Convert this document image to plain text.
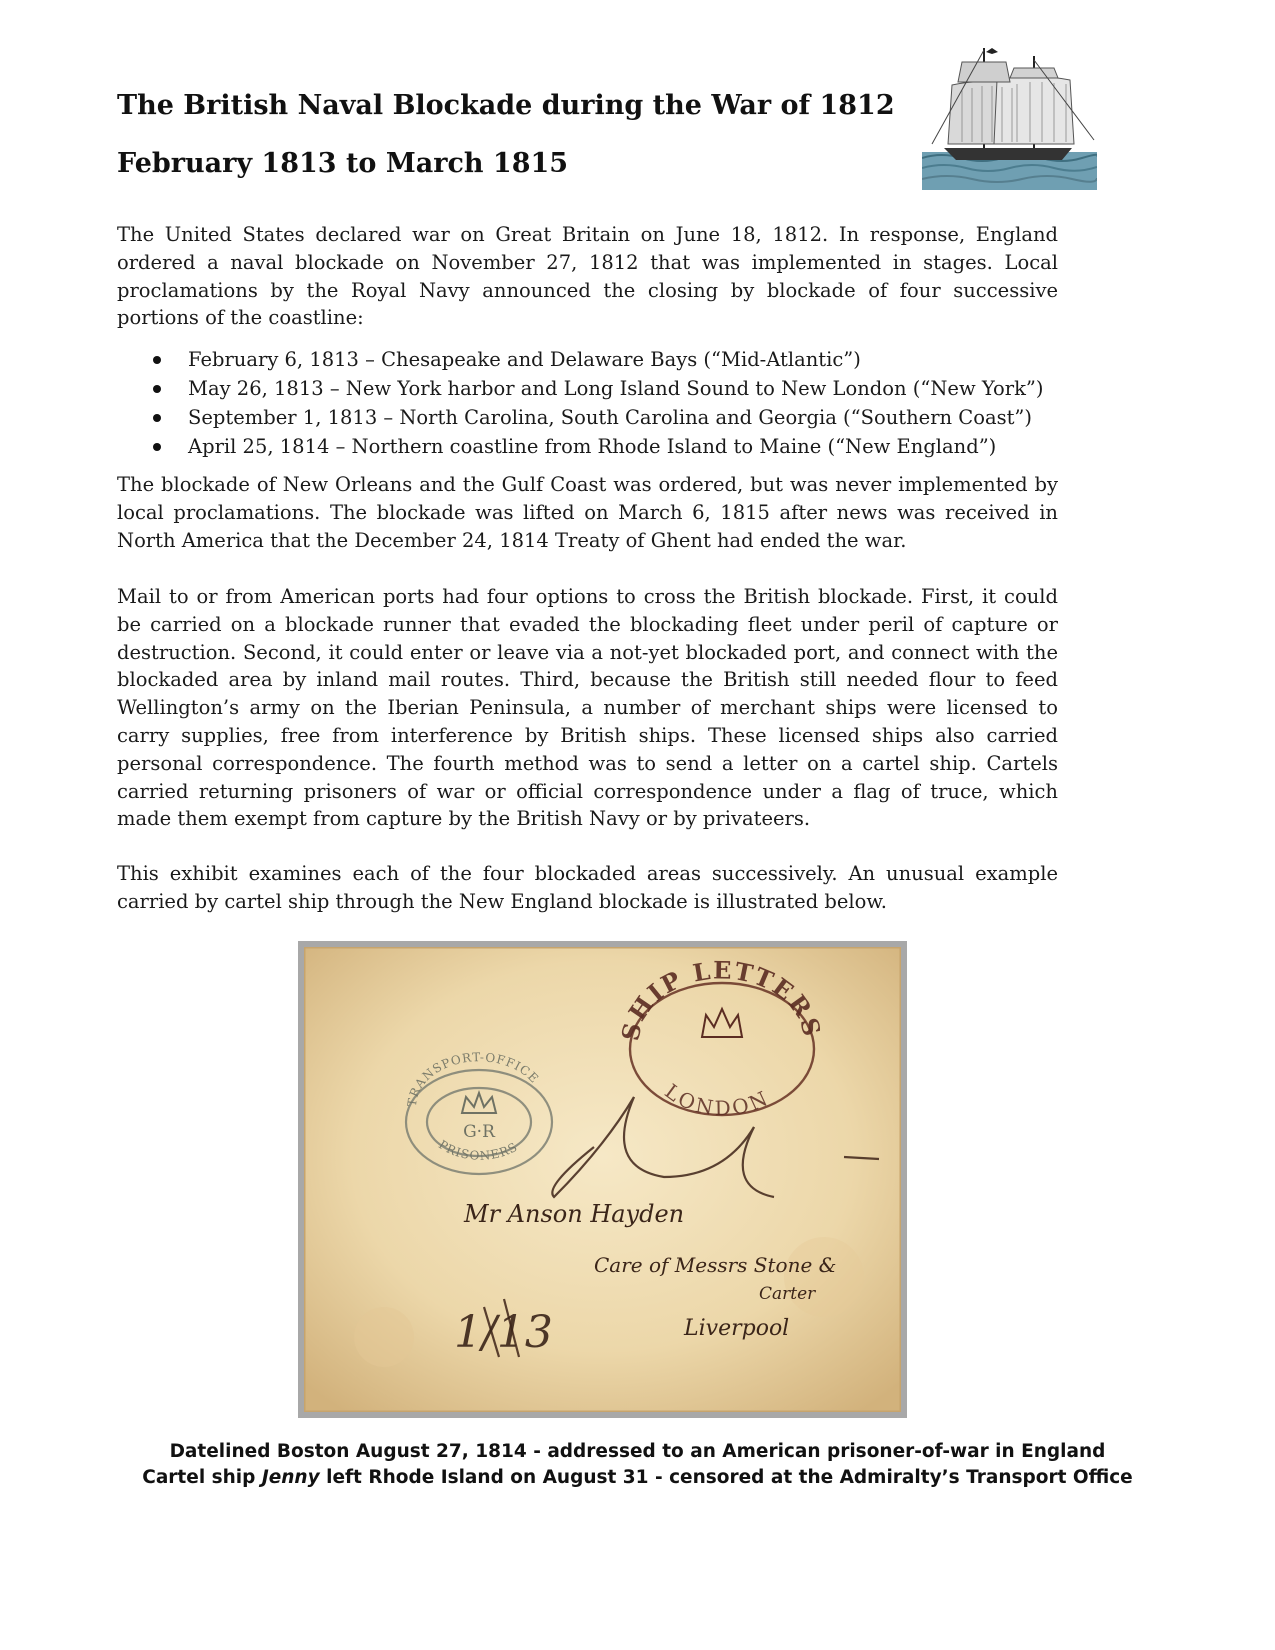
The British Naval Blockade during the War of 1812
February 1813 to March 1815

The United States declared war on Great Britain on June 18, 1812. In response, England ordered a naval blockade on November 27, 1812 that was implemented in stages. Local proclamations by the Royal Navy announced the closing by blockade of four successive portions of the coastline:

February 6, 1813 – Chesapeake and Delaware Bays (“Mid-Atlantic”)
May 26, 1813 – New York harbor and Long Island Sound to New London (“New York”)
September 1, 1813 – North Carolina, South Carolina and Georgia (“Southern Coast”)
April 25, 1814 – Northern coastline from Rhode Island to Maine (“New England”)

The blockade of New Orleans and the Gulf Coast was ordered, but was never implemented by local proclamations. The blockade was lifted on March 6, 1815 after news was received in North America that the December 24, 1814 Treaty of Ghent had ended the war.

Mail to or from American ports had four options to cross the British blockade. First, it could be carried on a blockade runner that evaded the blockading fleet under peril of capture or destruction. Second, it could enter or leave via a not-yet blockaded port, and connect with the blockaded area by inland mail routes. Third, because the British still needed flour to feed Wellington’s army on the Iberian Peninsula, a number of merchant ships were licensed to carry supplies, free from interference by British ships. These licensed ships also carried personal correspondence. The fourth method was to send a letter on a cartel ship. Cartels carried returning prisoners of war or official correspondence under a flag of truce, which made them exempt from capture by the British Navy or by privateers.

This exhibit examines each of the four blockaded areas successively. An unusual example carried by cartel ship through the New England blockade is illustrated below.

TRANSPORT-OFFICE
PRISONERS
G·R
SHIP LETTERS
LONDON
Mr Anson Hayden
Care of Messrs Stone &
Carter
Liverpool
1/13

Datelined Boston August 27, 1814 - addressed to an American prisoner-of-war in England

Cartel ship Jenny left Rhode Island on August 31 - censored at the Admiralty’s Transport Office
